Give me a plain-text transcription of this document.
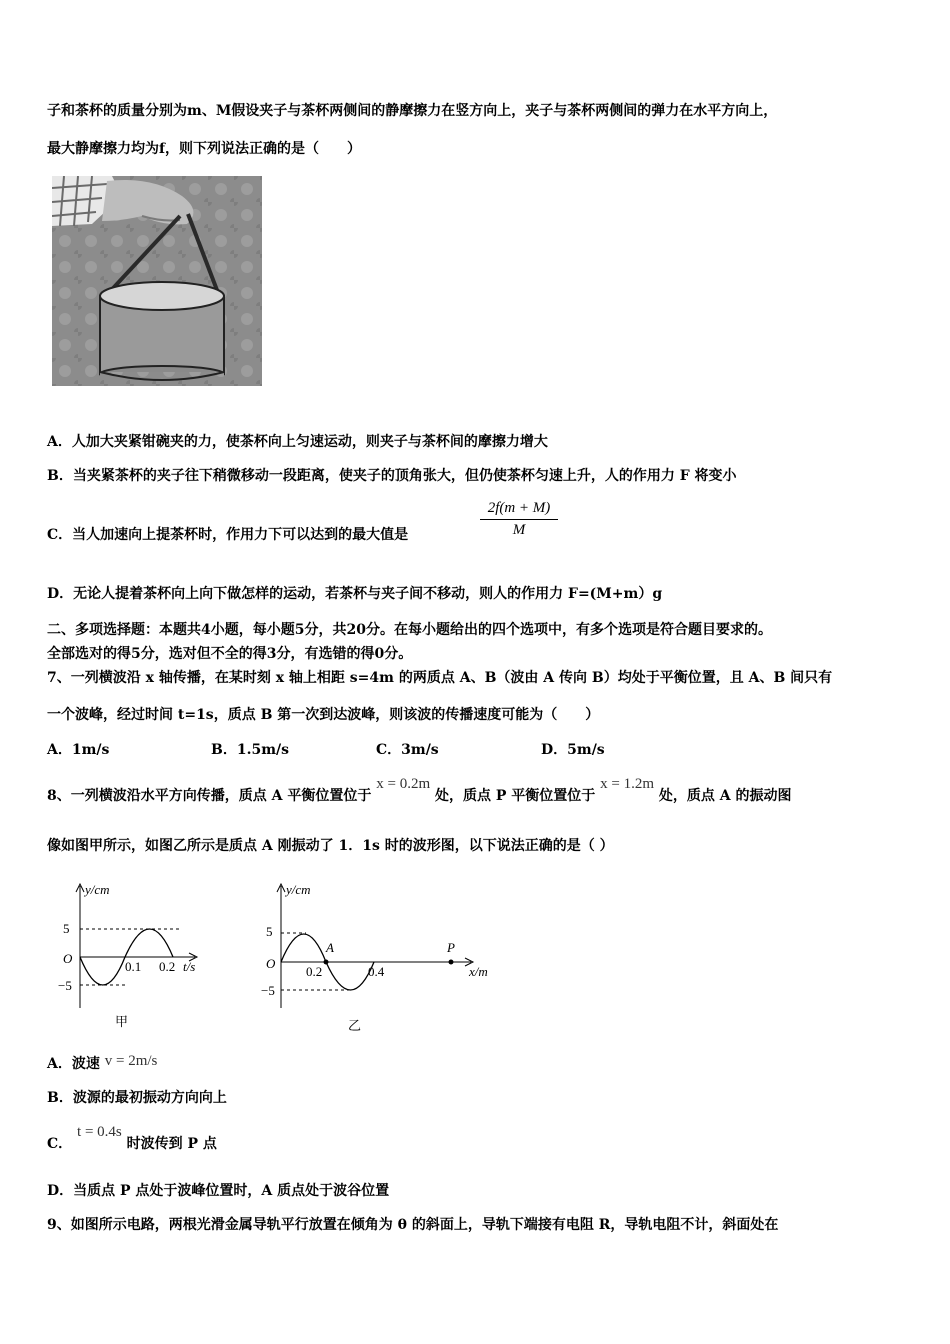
子和茶杯的质量分别为m、M假设夹子与茶杯两侧间的静摩擦力在竖方向上，夹子与茶杯两侧间的弹力在水平方向上，
最大静摩擦力均为f，则下列说法正确的是（　　）
A．人加大夹紧钳碗夹的力，使茶杯向上匀速运动，则夹子与茶杯间的摩擦力增大
B．当夹紧茶杯的夹子往下稍微移动一段距离，使夹子的顶角张大，但仍使茶杯匀速上升，人的作用力 F 将变小
C．当人加速向上提茶杯时，作用力下可以达到的最大值是	$\frac{2f(m + M)}{M}$
D．无论人提着茶杯向上向下做怎样的运动，若茶杯与夹子间不移动，则人的作用力 F=(M+m）g
二、多项选择题：本题共4小题，每小题5分，共20分。在每小题给出的四个选项中，有多个选项是符合题目要求的。
全部选对的得5分，选对但不全的得3分，有选错的得0分。
7、一列横波沿 x 轴传播，在某时刻 x 轴上相距 s=4m 的两质点 A、B（波由 A 传向 B）均处于平衡位置，且 A、B 间只有
一个波峰，经过时间 t=1s，质点 B 第一次到达波峰，则该波的传播速度可能为（　　）
A．1m/s	B．1.5m/s	C．3m/s	D．5m/s
8、一列横波沿水平方向传播，质点 A 平衡位置位于 x = 0.2m 处，质点 P 平衡位置位于 x = 1.2m 处，质点 A 的振动图
像如图甲所示，如图乙所示是质点 A 刚振动了 1．1s 时的波形图，以下说法正确的是（ ）
y/cm
5
O
−5
0.1 0.2 t/s
甲
y/cm
5
O
−5
A	P
0.2	0.4	x/m
乙
A．波速 v = 2m/s
B．波源的最初振动方向向上
C． t = 0.4s 时波传到 P 点
D．当质点 P 点处于波峰位置时，A 质点处于波谷位置
9、如图所示电路，两根光滑金属导轨平行放置在倾角为 θ 的斜面上，导轨下端接有电阻 R，导轨电阻不计，斜面处在
